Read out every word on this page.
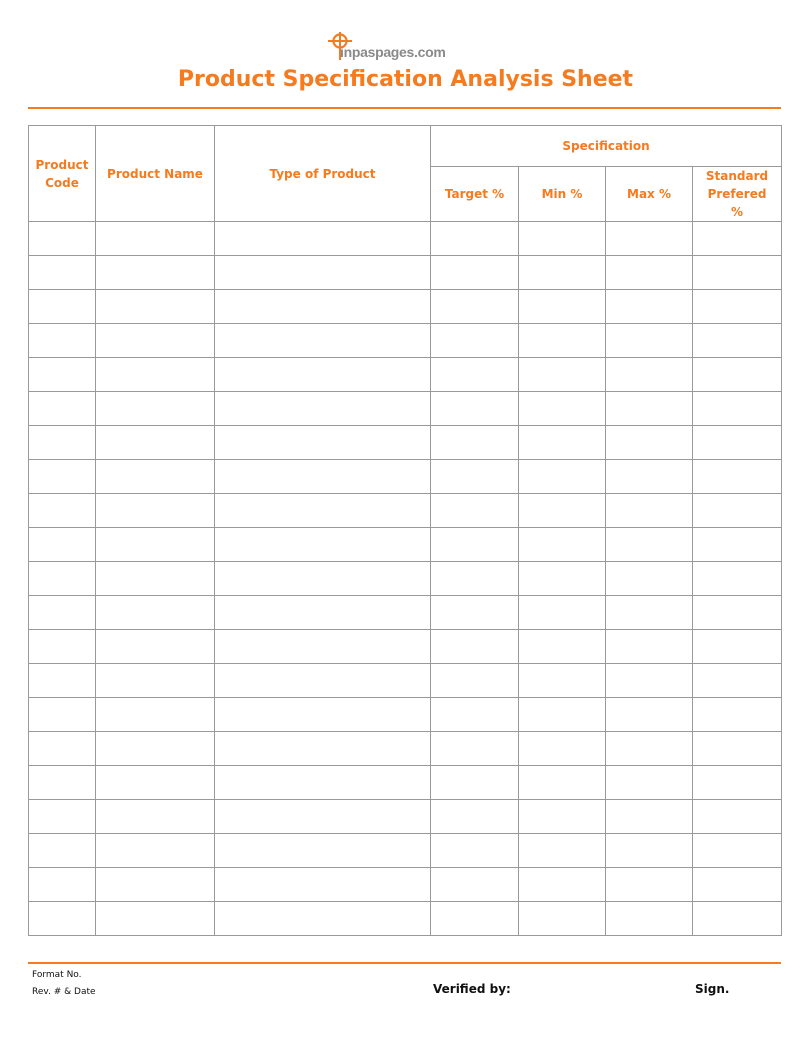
inpaspages.com
Product Specification Analysis Sheet
Product Code	Product Name	Type of Product	Specification			
			Target %	Min %	Max %	Standard Prefered %

Format No.
Rev. # & Date	Verified by:	Sign.
